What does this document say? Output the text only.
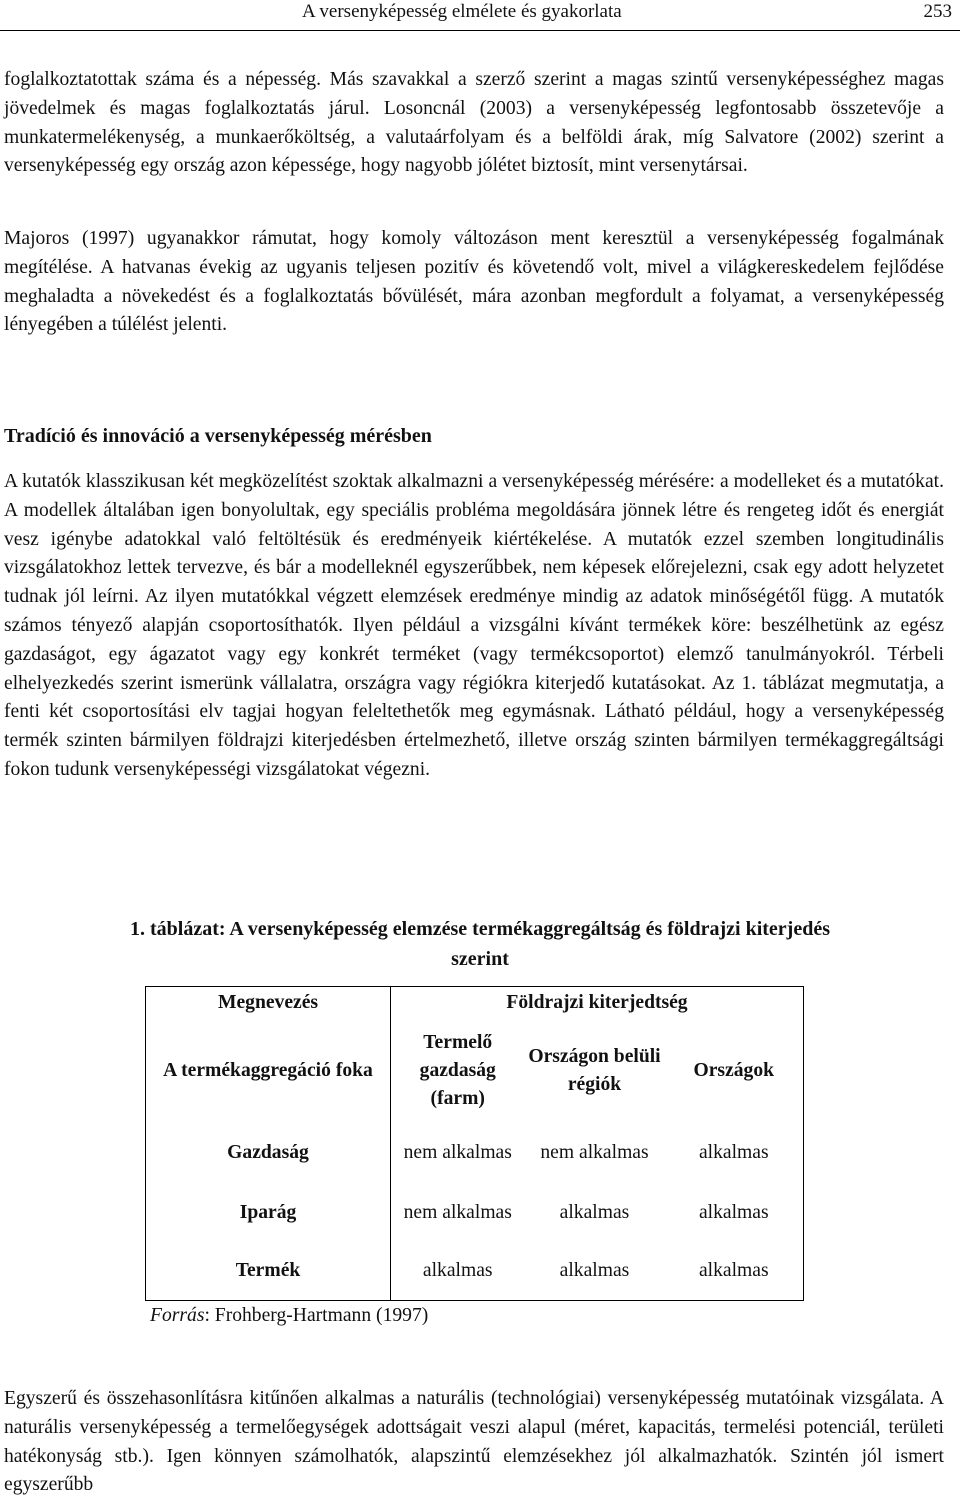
A versenyképesség elmélete és gyakorlata	253

foglalkoztatottak száma és a népesség. Más szavakkal a szerző szerint a magas szintű versenyképességhez magas jövedelmek és magas foglalkoztatás járul. Losoncnál (2003) a versenyképesség legfontosabb összetevője a munkatermelékenység, a munkaerőköltség, a valutaárfolyam és a belföldi árak, míg Salvatore (2002) szerint a versenyképesség egy ország azon képessége, hogy nagyobb jólétet biztosít, mint versenytársai.

Majoros (1997) ugyanakkor rámutat, hogy komoly változáson ment keresztül a versenyképesség fogalmának megítélése. A hatvanas évekig az ugyanis teljesen pozitív és követendő volt, mivel a világkereskedelem fejlődése meghaladta a növekedést és a foglalkoztatás bővülését, mára azonban megfordult a folyamat, a versenyképesség lényegében a túlélést jelenti.

Tradíció és innováció a versenyképesség mérésben

A kutatók klasszikusan két megközelítést szoktak alkalmazni a versenyképesség mérésére: a modelleket és a mutatókat. A modellek általában igen bonyolultak, egy speciális probléma megoldására jönnek létre és rengeteg időt és energiát vesz igénybe adatokkal való feltöltésük és eredményeik kiértékelése. A mutatók ezzel szemben longitudinális vizsgálatokhoz lettek tervezve, és bár a modelleknél egyszerűbbek, nem képesek előrejelezni, csak egy adott helyzetet tudnak jól leírni. Az ilyen mutatókkal végzett elemzések eredménye mindig az adatok minőségétől függ. A mutatók számos tényező alapján csoportosíthatók. Ilyen például a vizsgálni kívánt termékek köre: beszélhetünk az egész gazdaságot, egy ágazatot vagy egy konkrét terméket (vagy termékcsoportot) elemző tanulmányokról. Térbeli elhelyezkedés szerint ismerünk vállalatra, országra vagy régiókra kiterjedő kutatásokat. Az 1. táblázat megmutatja, a fenti két csoportosítási elv tagjai hogyan feleltethetők meg egymásnak. Látható például, hogy a versenyképesség termék szinten bármilyen földrajzi kiterjedésben értelmezhető, illetve ország szinten bármilyen termékaggregáltsági fokon tudunk versenyképességi vizsgálatokat végezni.

1. táblázat: A versenyképesség elemzése termékaggregáltság és földrajzi kiterjedés
szerint
Megnevezés	Földrajzi kiterjedtség		
A termékaggregáció foka	Termelő gazdaság (farm)	Országon belüli régiók	Országok
Gazdaság	nem alkalmas	nem alkalmas	alkalmas
Iparág	nem alkalmas	alkalmas	alkalmas
Termék	alkalmas	alkalmas	alkalmas

Forrás: Frohberg-Hartmann (1997)

Egyszerű és összehasonlításra kitűnően alkalmas a naturális (technológiai) versenyképesség mutatóinak vizsgálata. A naturális versenyképesség a termelőegységek adottságait veszi alapul (méret, kapacitás, termelési potenciál, területi hatékonyság stb.). Igen könnyen számolhatók, alapszintű elemzésekhez jól alkalmazhatók. Szintén jól ismert egyszerűbb
